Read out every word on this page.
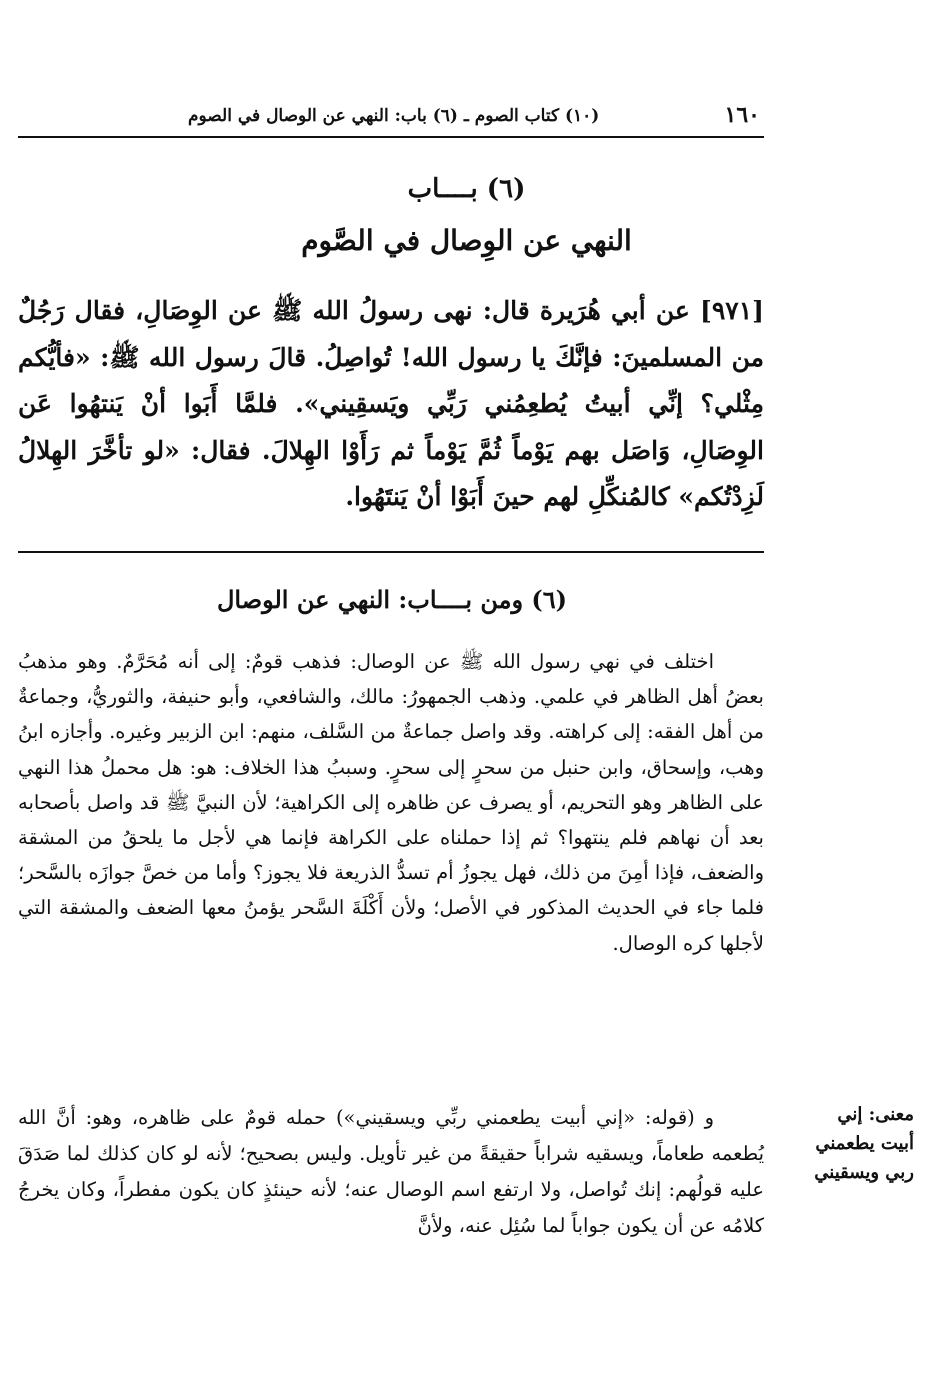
١٦٠
(١٠) كتاب الصوم ـ (٦) باب: النهي عن الوصال في الصوم
(٦) بــــاب
النهي عن الوِصال في الصَّوم
[٩٧١] عن أبي هُرَيرة قال: نهى رسولُ الله ﷺ عن الوِصَالِ، فقال رَجُلٌ من المسلمينَ: فإنَّكَ يا رسول الله! تُواصِلُ. قالَ رسول الله ﷺ: «فأيُّكم مِثْلي؟ إنِّي أبيتُ يُطعِمُني رَبِّي ويَسقِيني». فلمَّا أَبَوا أنْ يَنتهُوا عَن الوِصَالِ، وَاصَل بهم يَوْماً ثُمَّ يَوْماً ثم رَأَوْا الهِلالَ. فقال: «لو تأخَّرَ الهِلالُ لَزِدْتُكم» كالمُنكِّلِ لهم حينَ أَبَوْا أنْ يَنتَهُوا.
(٦) ومن بــــاب: النهي عن الوصال

اختلف في نهي رسول الله ﷺ عن الوصال: فذهب قومٌ: إلى أنه مُحَرَّمٌ. وهو مذهبُ بعضُ أهل الظاهر في علمي. وذهب الجمهورُ: مالك، والشافعي، وأبو حنيفة، والثوريُّ، وجماعةٌ من أهل الفقه: إلى كراهته. وقد واصل جماعةٌ من السَّلف، منهم: ابن الزبير وغيره. وأجازه ابنُ وهب، وإسحاق، وابن حنبل من سحرٍ إلى سحرٍ. وسببُ هذا الخلاف: هو: هل محملُ هذا النهي على الظاهر وهو التحريم، أو يصرف عن ظاهره إلى الكراهية؛ لأن النبيَّ ﷺ قد واصل بأصحابه بعد أن نهاهم فلم ينتهوا؟ ثم إذا حملناه على الكراهة فإنما هي لأجل ما يلحقُ من المشقة والضعف، فإذا أمِنَ من ذلك، فهل يجوزُ أم تسدُّ الذريعة فلا يجوز؟ وأما من خصَّ جوازَه بالسَّحر؛ فلما جاء في الحديث المذكور في الأصل؛ ولأن أَكْلَةَ السَّحر يؤمنُ معها الضعف والمشقة التي لأجلها كره الوصال.

معنى: إني
أبيت يطعمني
ربي ويسقيني

و (قوله: «إني أبيت يطعمني ربِّي ويسقيني») حمله قومٌ على ظاهره، وهو: أنَّ الله يُطعمه طعاماً، ويسقيه شراباً حقيقةً من غير تأويل. وليس بصحيح؛ لأنه لو كان كذلك لما صَدَقَ عليه قولُهم: إنك تُواصل، ولا ارتفع اسم الوصال عنه؛ لأنه حينئذٍ كان يكون مفطراً، وكان يخرجُ كلامُه عن أن يكون جواباً لما سُئِل عنه، ولأنَّ
